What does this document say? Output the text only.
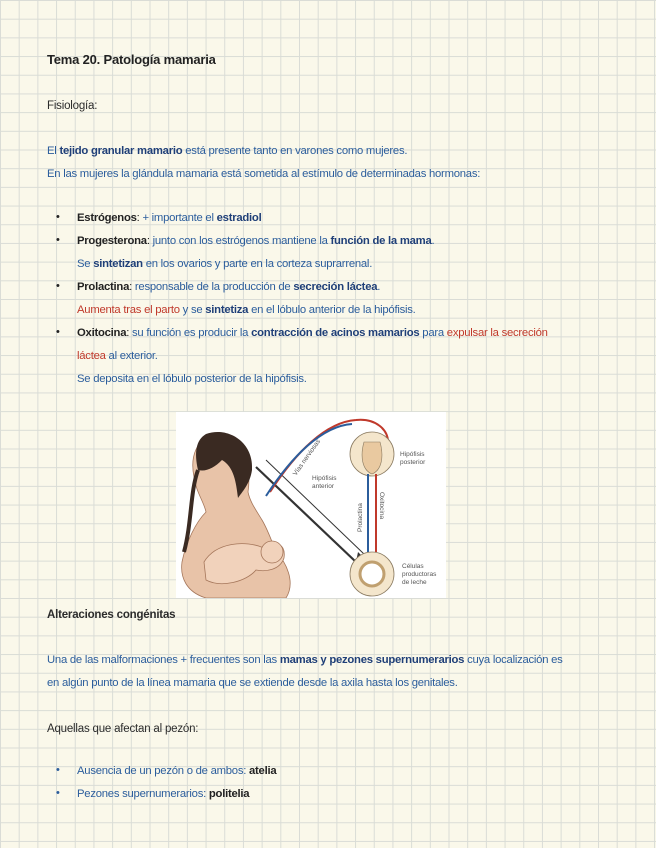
Tema 20. Patología mamaria
Fisiología:
El tejido granular mamario está presente tanto en varones como mujeres.
En las mujeres la glándula mamaria está sometida al estímulo de determinadas hormonas:
• Estrógenos: + importante el estradiol
• Progesterona: junto con los estrógenos mantiene la función de la mama.
Se sintetizan en los ovarios y parte en la corteza suprarrenal.
• Prolactina: responsable de la producción de secreción láctea.
Aumenta tras el parto y se sintetiza en el lóbulo anterior de la hipófisis.
• Oxitocina: su función es producir la contracción de acinos mamarios para expulsar la secreción
láctea al exterior.
Se deposita en el lóbulo posterior de la hipófisis.
Vías nerviosas	Hipófisis
posterior
Hipófisis
anterior
Oxitocina
Prolactina
Células
productoras
de leche
Alteraciones congénitas
Una de las malformaciones + frecuentes son las mamas y pezones supernumerarios cuya localización es
en algún punto de la línea mamaria que se extiende desde la axila hasta los genitales.
Aquellas que afectan al pezón:
• Ausencia de un pezón o de ambos: atelia
• Pezones supernumerarios: politelia
